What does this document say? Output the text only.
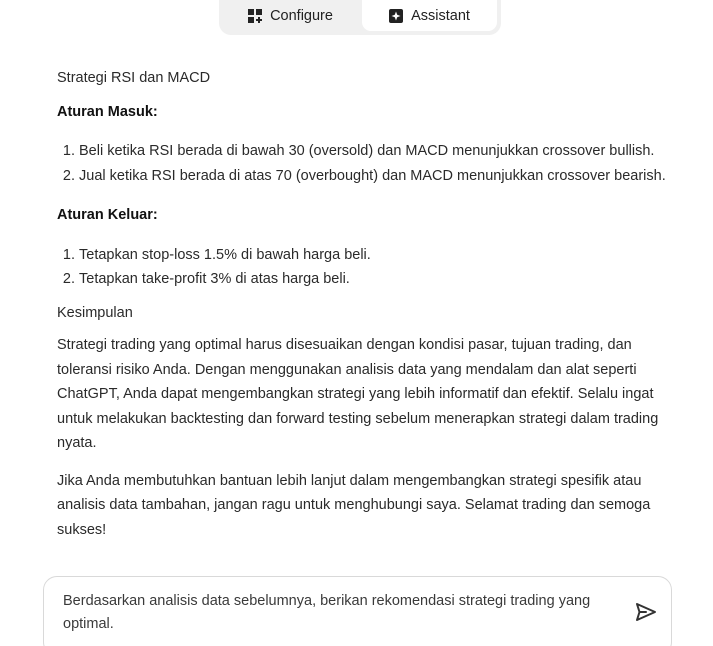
Configure	Assistant

Strategi RSI dan MACD

Aturan Masuk:

1. Beli ketika RSI berada di bawah 30 (oversold) dan MACD menunjukkan crossover bullish.
2. Jual ketika RSI berada di atas 70 (overbought) dan MACD menunjukkan crossover bearish.

Aturan Keluar:

1. Tetapkan stop-loss 1.5% di bawah harga beli.
2. Tetapkan take-profit 3% di atas harga beli.

Kesimpulan

Strategi trading yang optimal harus disesuaikan dengan kondisi pasar, tujuan trading, dan toleransi risiko Anda. Dengan menggunakan analisis data yang mendalam dan alat seperti ChatGPT, Anda dapat mengembangkan strategi yang lebih informatif dan efektif. Selalu ingat untuk melakukan backtesting dan forward testing sebelum menerapkan strategi dalam trading nyata.

Jika Anda membutuhkan bantuan lebih lanjut dalam mengembangkan strategi spesifik atau analisis data tambahan, jangan ragu untuk menghubungi saya. Selamat trading dan semoga sukses!

Berdasarkan analisis data sebelumnya, berikan rekomendasi strategi trading yang optimal.
